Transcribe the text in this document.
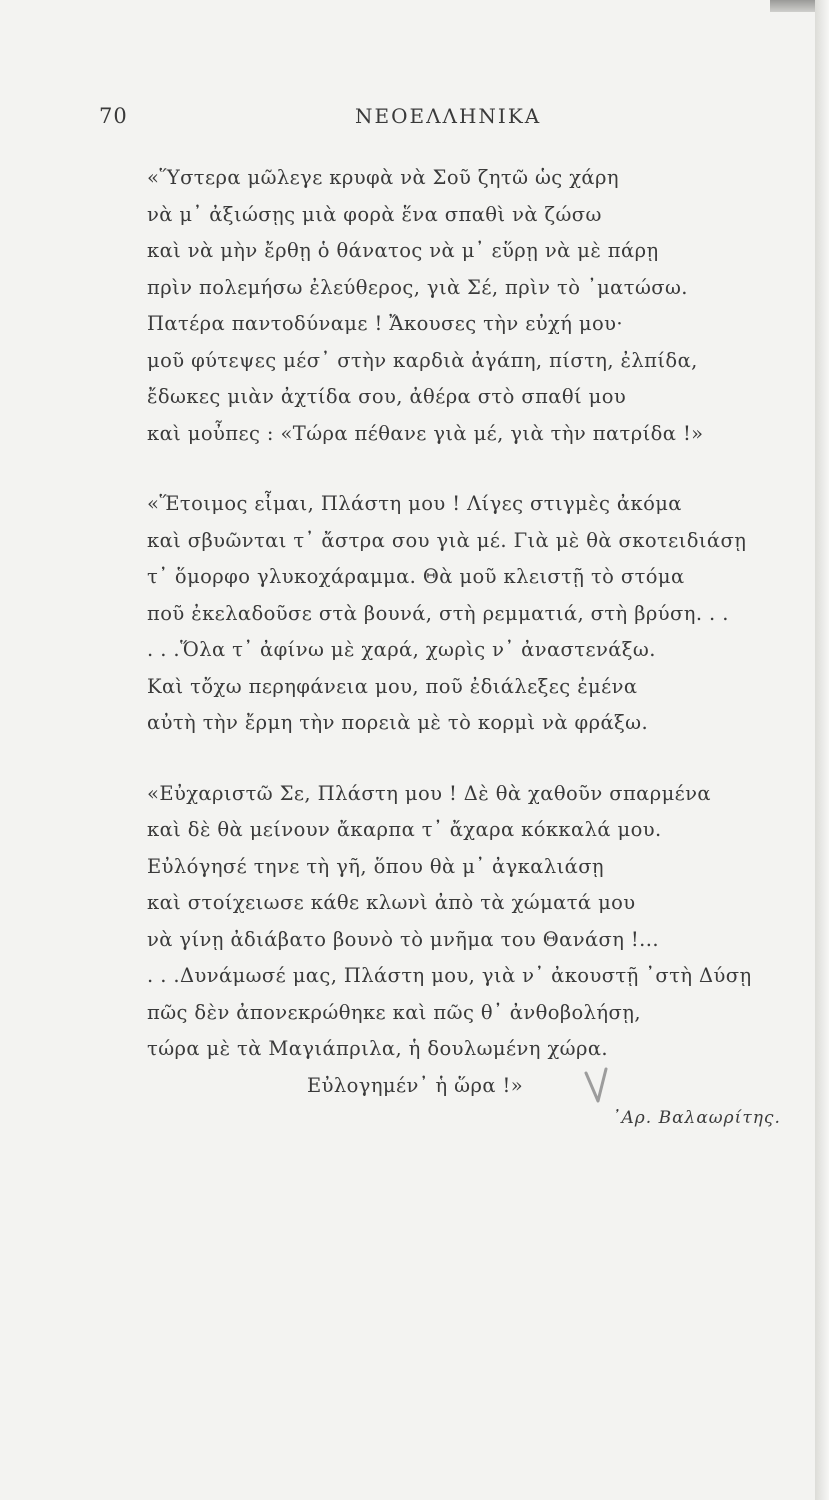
70	ΝΕΟΕΛΛΗΝΙΚΑ
«Ὕστερα μῶλεγε κρυφὰ νὰ Σοῦ ζητῶ ὡς χάρη
νὰ μ᾽ ἀξιώσῃς μιὰ φορὰ ἕνα σπαθὶ νὰ ζώσω
καὶ νὰ μὴν ἔρθῃ ὁ θάνατος νὰ μ᾽ εὕρῃ νὰ μὲ πάρῃ
πρὶν πολεμήσω ἐλεύθερος, γιὰ Σέ, πρὶν τὸ ᾽ματώσω.
Πατέρα παντοδύναμε ! Ἄκουσες τὴν εὐχή μου·
μοῦ φύτεψες μέσ᾽ στὴν καρδιὰ ἀγάπη, πίστη, ἐλπίδα,
ἔδωκες μιὰν ἀχτίδα σου, ἀθέρα στὸ σπαθί μου
καὶ μοὖπες : «Τώρα πέθανε γιὰ μέ, γιὰ τὴν πατρίδα !»
«Ἕτοιμος εἶμαι, Πλάστη μου ! Λίγες στιγμὲς ἀκόμα
καὶ σβυῶνται τ᾽ ἄστρα σου γιὰ μέ. Γιὰ μὲ θὰ σκοτειδιάσῃ
τ᾽ ὅμορφο γλυκοχάραμμα. Θὰ μοῦ κλειστῇ τὸ στόμα
ποῦ ἐκελαδοῦσε στὰ βουνά, στὴ ρεμματιά, στὴ βρύση. . .
. . .Ὅλα τ᾽ ἀφίνω μὲ χαρά, χωρὶς ν᾽ ἀναστενάξω.
Καὶ τὄχω περηφάνεια μου, ποῦ ἐδιάλεξες ἐμένα
αὐτὴ τὴν ἔρμη τὴν πορειὰ μὲ τὸ κορμὶ νὰ φράξω.
«Εὐχαριστῶ Σε, Πλάστη μου ! Δὲ θὰ χαθοῦν σπαρμένα
καὶ δὲ θὰ μείνουν ἄκαρπα τ᾽ ἄχαρα κόκκαλά μου.
Εὐλόγησέ τηνε τὴ γῆ, ὅπου θὰ μ᾽ ἀγκαλιάσῃ
καὶ στοίχειωσε κάθε κλωνὶ ἀπὸ τὰ χώματά μου
νὰ γίνῃ ἀδιάβατο βουνὸ τὸ μνῆμα του Θανάση !...
. . .Δυνάμωσέ μας, Πλάστη μου, γιὰ ν᾽ ἀκουστῇ ᾽στὴ Δύσῃ
πῶς δὲν ἀπονεκρώθηκε καὶ πῶς θ᾽ ἀνθοβολήσῃ,
τώρα μὲ τὰ Μαγιάπριλα, ἡ δουλωμένη χώρα.
Εὐλογημέν᾽ ἡ ὥρα !»
᾽Αρ. Βαλαωρίτης.
